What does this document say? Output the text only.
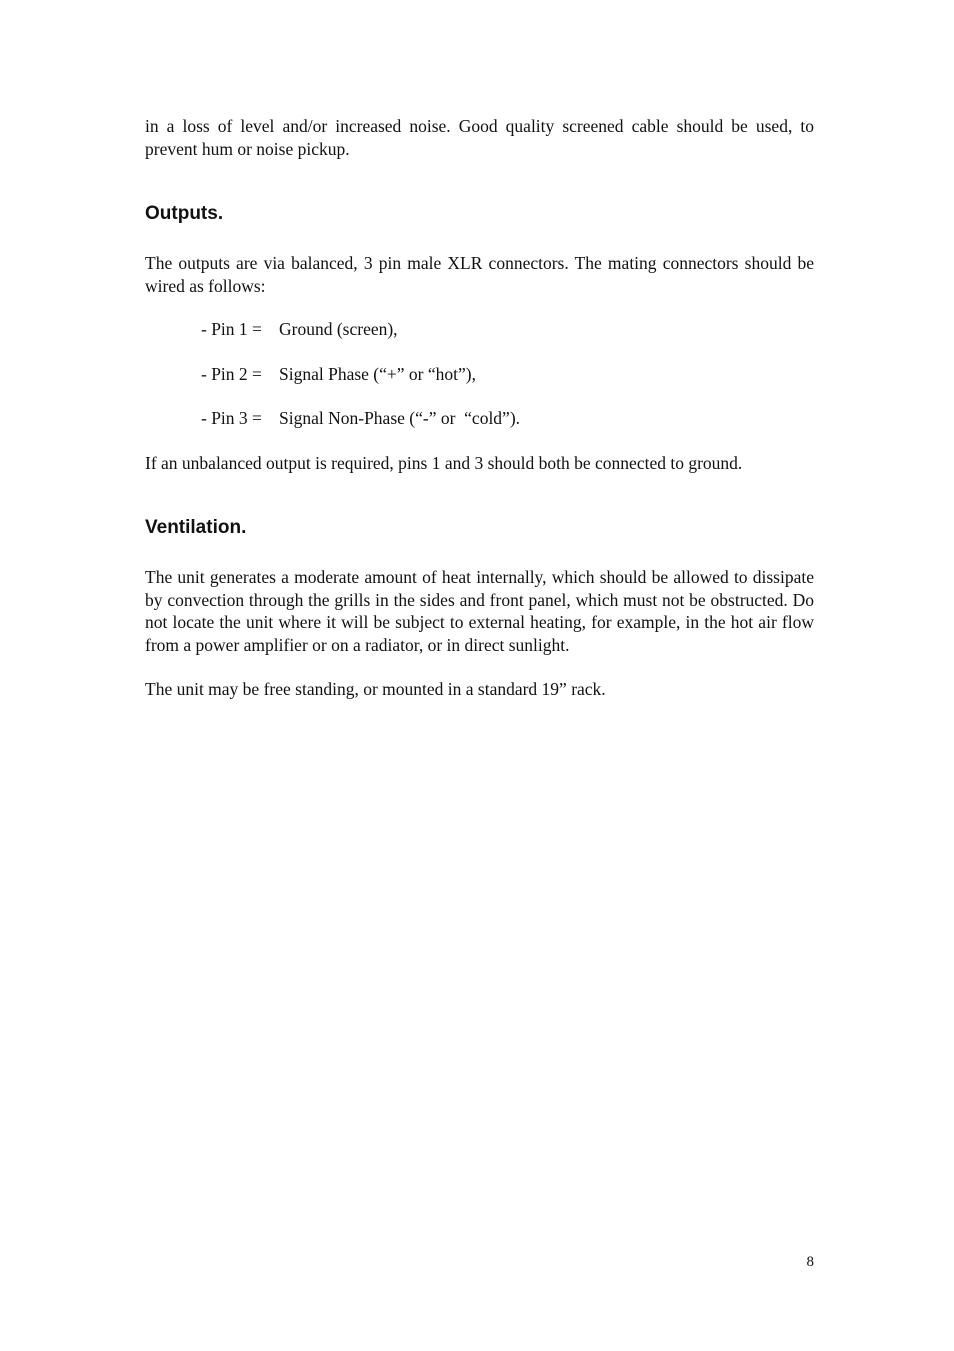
in a loss of level and/or increased noise. Good quality screened cable should be used, to prevent hum or noise pickup.

Outputs.

The outputs are via balanced, 3 pin male XLR connectors. The mating connectors should be wired as follows:

- Pin 1 = Ground (screen),
- Pin 2 = Signal Phase (“+” or “hot”),
- Pin 3 = Signal Non-Phase (“-” or  “cold”).

If an unbalanced output is required, pins 1 and 3 should both be connected to ground.

Ventilation.

The unit generates a moderate amount of heat internally, which should be allowed to dissipate by convection through the grills in the sides and front panel, which must not be obstructed. Do not locate the unit where it will be subject to external heating, for example, in the hot air flow from a power amplifier or on a radiator, or in direct sunlight.

The unit may be free standing, or mounted in a standard 19” rack.

8
